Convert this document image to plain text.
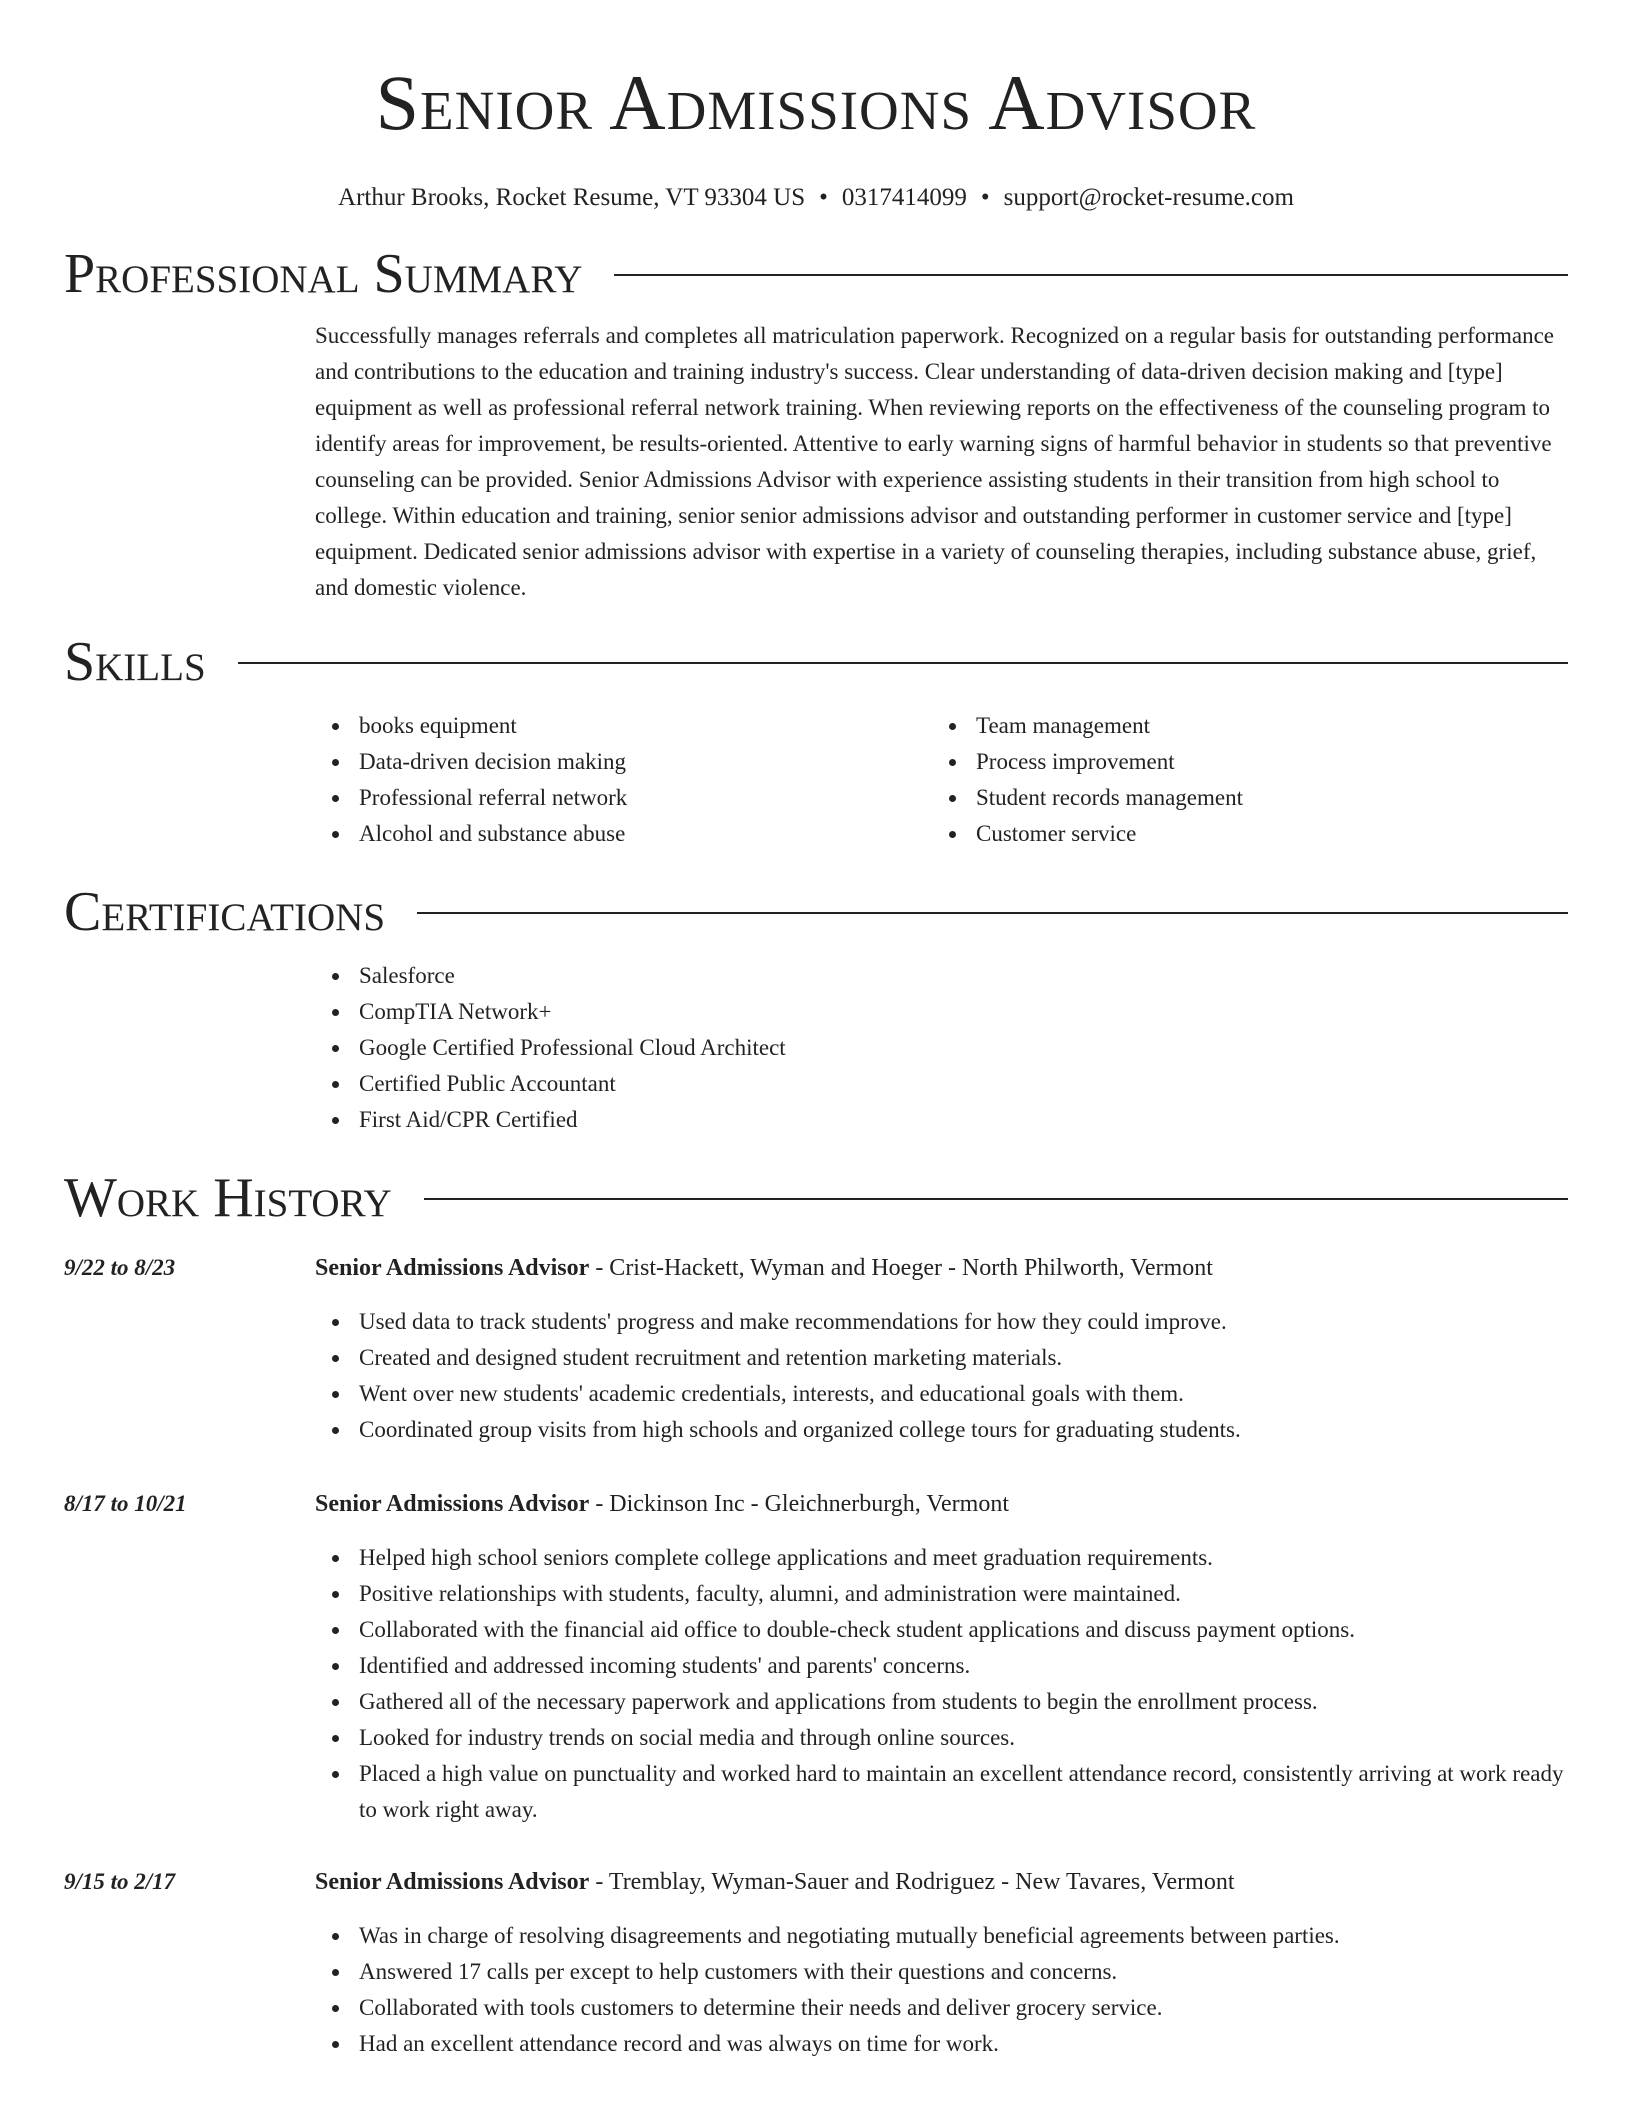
Senior Admissions Advisor
Arthur Brooks, Rocket Resume, VT 93304 US • 0317414099 • support@rocket-resume.com
Professional Summary

Successfully manages referrals and completes all matriculation paperwork. Recognized on a regular basis for outstanding performance and contributions to the education and training industry's success. Clear understanding of data-driven decision making and [type] equipment as well as professional referral network training. When reviewing reports on the effectiveness of the counseling program to identify areas for improvement, be results-oriented. Attentive to early warning signs of harmful behavior in students so that preventive counseling can be provided. Senior Admissions Advisor with experience assisting students in their transition from high school to college. Within education and training, senior senior admissions advisor and outstanding performer in customer service and [type] equipment. Dedicated senior admissions advisor with expertise in a variety of counseling therapies, including substance abuse, grief, and domestic violence.

Skills
books equipment
Data-driven decision making
Professional referral network
Alcohol and substance abuse
Team management
Process improvement
Student records management
Customer service
Certifications
Salesforce
CompTIA Network+
Google Certified Professional Cloud Architect
Certified Public Accountant
First Aid/CPR Certified
Work History
9/22 to 8/23	Senior Admissions Advisor - Crist-Hackett, Wyman and Hoeger - North Philworth, Vermont
Used data to track students' progress and make recommendations for how they could improve.
Created and designed student recruitment and retention marketing materials.
Went over new students' academic credentials, interests, and educational goals with them.
Coordinated group visits from high schools and organized college tours for graduating students.
8/17 to 10/21	Senior Admissions Advisor - Dickinson Inc - Gleichnerburgh, Vermont
Helped high school seniors complete college applications and meet graduation requirements.
Positive relationships with students, faculty, alumni, and administration were maintained.
Collaborated with the financial aid office to double-check student applications and discuss payment options.
Identified and addressed incoming students' and parents' concerns.
Gathered all of the necessary paperwork and applications from students to begin the enrollment process.
Looked for industry trends on social media and through online sources.
Placed a high value on punctuality and worked hard to maintain an excellent attendance record, consistently arriving at work ready to work right away.
9/15 to 2/17	Senior Admissions Advisor - Tremblay, Wyman-Sauer and Rodriguez - New Tavares, Vermont
Was in charge of resolving disagreements and negotiating mutually beneficial agreements between parties.
Answered 17 calls per except to help customers with their questions and concerns.
Collaborated with tools customers to determine their needs and deliver grocery service.
Had an excellent attendance record and was always on time for work.
